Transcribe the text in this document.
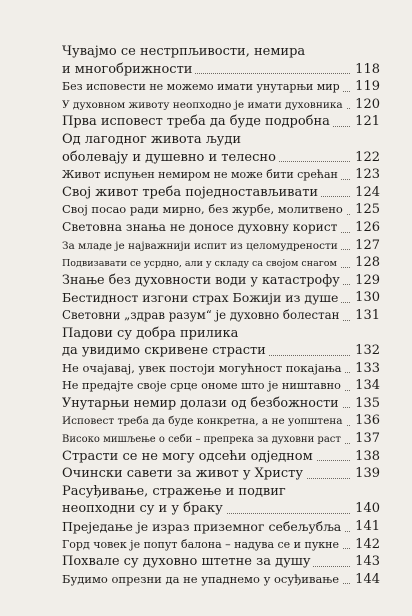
Чувајмо се нестрпљивости, немира
и многобрижности	118
Без исповести не можемо имати унутарњи мир 119
У духовном животу неопходно је имати духовника 120
Прва исповест треба да буде подробна 121
Од лагодног живота људи
оболевају и душевно и телесно	122
Живот испуњен немиром не може бити срећан 123
Свој живот треба поједностављивати	124
Свој посао ради мирно, без журбе, молитвено 125
Световна знања не доносе духовну корист 126
За младе је најважнији испит из целомудрености 127
Подвизавати се усрдно, али у складу са својом снагом 128
Знање без духовности води у катастрофу 129
Бестидност изгони страх Божији из душе 130
Световни „здрав разум“ је духовно болестан 131
Падови су добра прилика
да увидимо скривене страсти	132
Не очајавај, увек постоји могућност покајања 133
Не предајте своје срце ономе што је ништавно 134
Унутарњи немир долази од безбожности 135
Исповест треба да буде конкретна, а не уопштена 136
Високо мишљење о себи – препрека за духовни раст 137
Страсти се не могу одсећи одједном	138
Очински савети за живот у Христу	139
Расуђивање, стражење и подвиг
неопходни су и у браку	140
Прејeдање је израз приземног себељубља 141
Горд човек је попут балона – надува се и пукне 142
Похвале су духовно штетне за душу	143
Будимо опрезни да не упаднемо у осуђивање 144
